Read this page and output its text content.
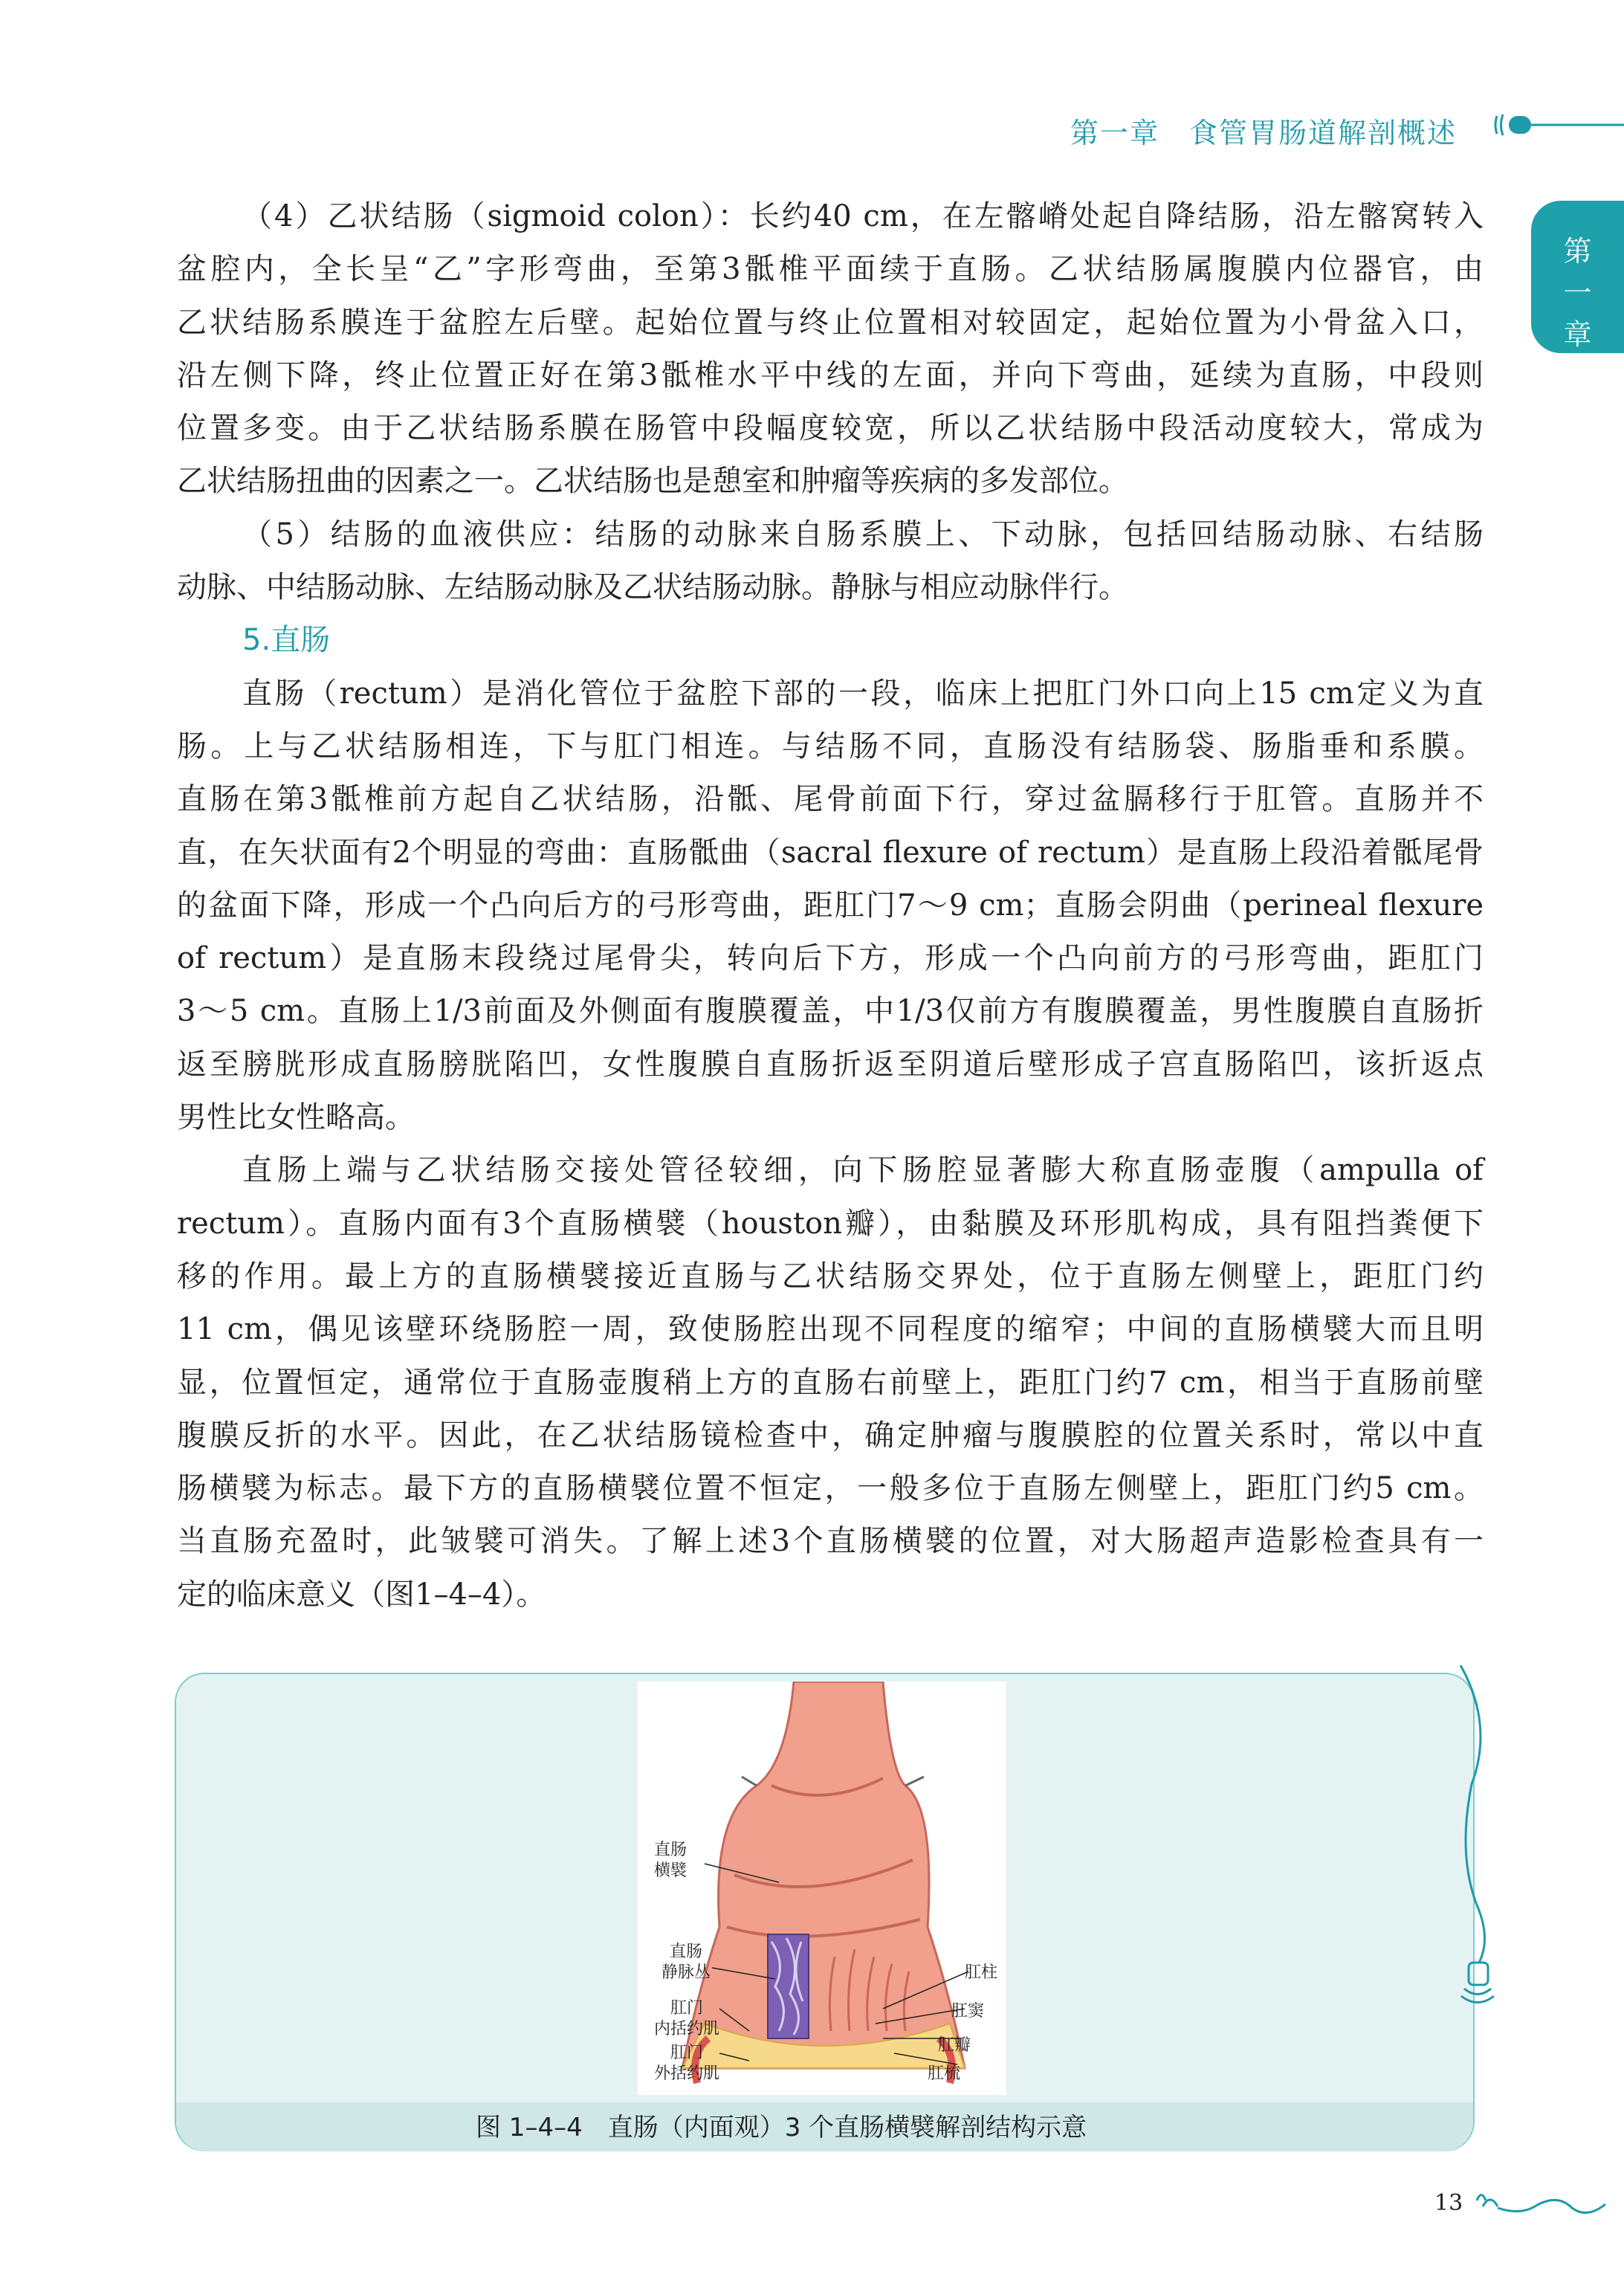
第一章　食管胃肠道解剖概述
第
一
章
（4）乙状结肠（sigmoid colon）：长约40 cm，在左髂嵴处起自降结肠，沿左髂窝转入
盆腔内，全长呈“乙”字形弯曲，至第3骶椎平面续于直肠。乙状结肠属腹膜内位器官，由
乙状结肠系膜连于盆腔左后壁。起始位置与终止位置相对较固定，起始位置为小骨盆入口，
沿左侧下降，终止位置正好在第3骶椎水平中线的左面，并向下弯曲，延续为直肠，中段则
位置多变。由于乙状结肠系膜在肠管中段幅度较宽，所以乙状结肠中段活动度较大，常成为
乙状结肠扭曲的因素之一。乙状结肠也是憩室和肿瘤等疾病的多发部位。
（5）结肠的血液供应：结肠的动脉来自肠系膜上、下动脉，包括回结肠动脉、右结肠
动脉、中结肠动脉、左结肠动脉及乙状结肠动脉。静脉与相应动脉伴行。
5.直肠
直肠（rectum）是消化管位于盆腔下部的一段，临床上把肛门外口向上15 cm定义为直
肠。上与乙状结肠相连，下与肛门相连。与结肠不同，直肠没有结肠袋、肠脂垂和系膜。
直肠在第3骶椎前方起自乙状结肠，沿骶、尾骨前面下行，穿过盆膈移行于肛管。直肠并不
直，在矢状面有2个明显的弯曲：直肠骶曲（sacral flexure of rectum）是直肠上段沿着骶尾骨
的盆面下降，形成一个凸向后方的弓形弯曲，距肛门7～9 cm；直肠会阴曲（perineal flexure
of rectum）是直肠末段绕过尾骨尖，转向后下方，形成一个凸向前方的弓形弯曲，距肛门
3～5 cm。直肠上1/3前面及外侧面有腹膜覆盖，中1/3仅前方有腹膜覆盖，男性腹膜自直肠折
返至膀胱形成直肠膀胱陷凹，女性腹膜自直肠折返至阴道后壁形成子宫直肠陷凹，该折返点
男性比女性略高。
直肠上端与乙状结肠交接处管径较细，向下肠腔显著膨大称直肠壶腹（ampulla of
rectum）。直肠内面有3个直肠横襞（houston瓣），由黏膜及环形肌构成，具有阻挡粪便下
移的作用。最上方的直肠横襞接近直肠与乙状结肠交界处，位于直肠左侧壁上，距肛门约
11 cm，偶见该壁环绕肠腔一周，致使肠腔出现不同程度的缩窄；中间的直肠横襞大而且明
显，位置恒定，通常位于直肠壶腹稍上方的直肠右前壁上，距肛门约7 cm，相当于直肠前壁
腹膜反折的水平。因此，在乙状结肠镜检查中，确定肿瘤与腹膜腔的位置关系时，常以中直
肠横襞为标志。最下方的直肠横襞位置不恒定，一般多位于直肠左侧壁上，距肛门约5 cm。
当直肠充盈时，此皱襞可消失。了解上述3个直肠横襞的位置，对大肠超声造影检查具有一
定的临床意义（图1–4–4）。
直肠
横襞
直肠
静脉丛
肛门
内括约肌
肛门
外括约肌
肛柱
肛窦
肛瓣
肛梳
图 1–4–4　直肠（内面观）3 个直肠横襞解剖结构示意
13
